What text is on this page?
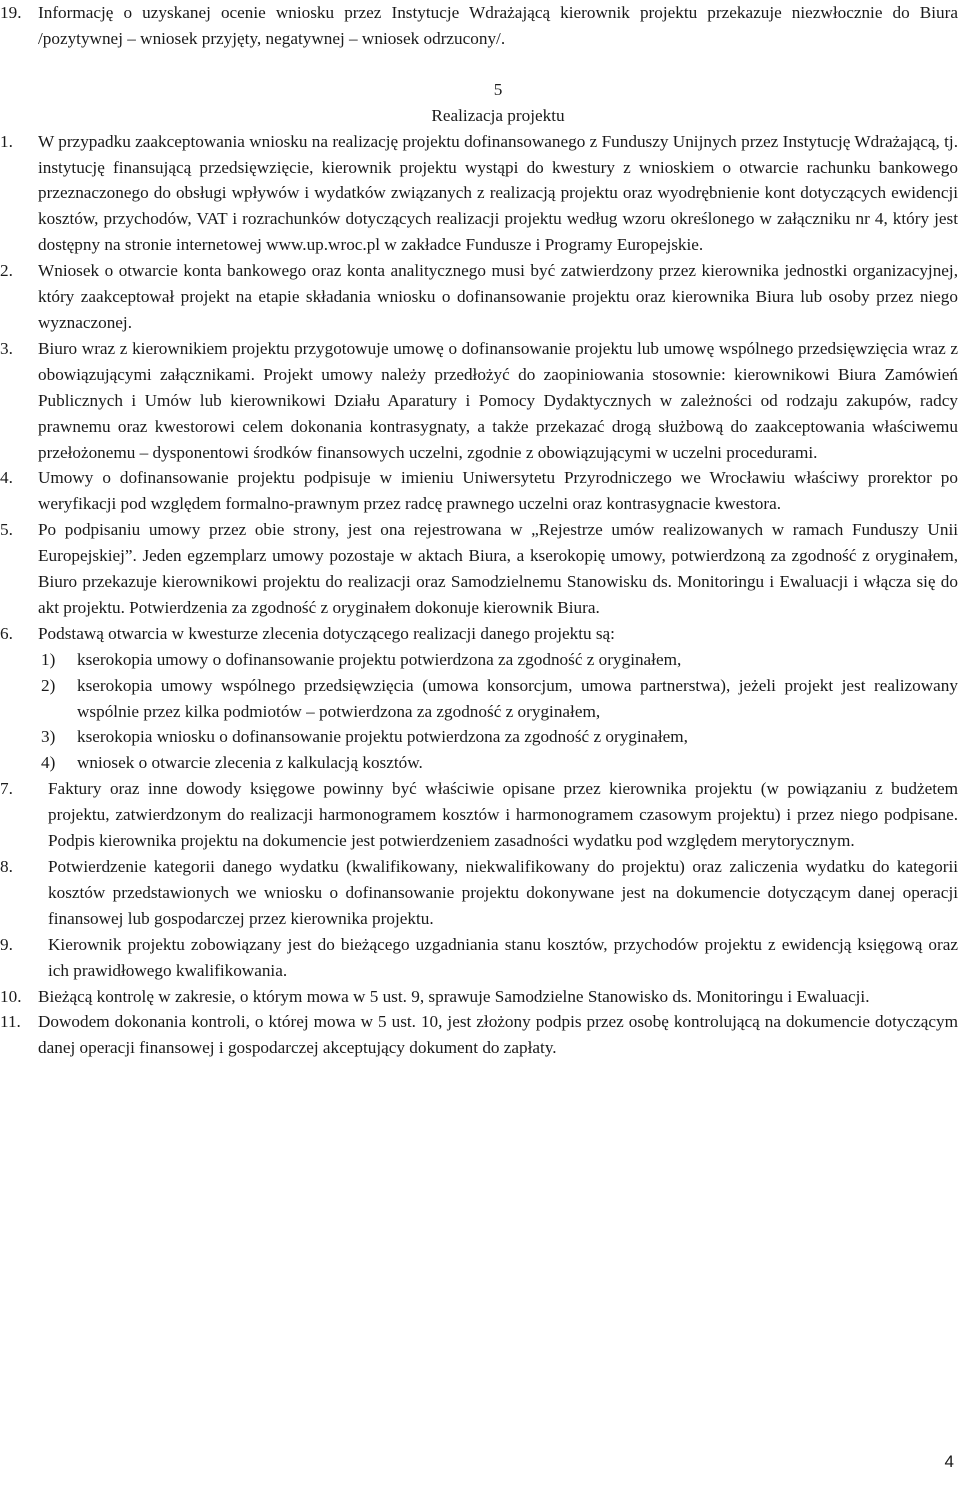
19. Informację o uzyskanej ocenie wniosku przez Instytucje Wdrażającą kierownik projektu przekazuje niezwłocznie do Biura /pozytywnej – wniosek przyjęty, negatywnej – wniosek odrzucony/.
5
Realizacja projektu
1.	W przypadku zaakceptowania wniosku na realizację projektu dofinansowanego z Funduszy Unijnych przez Instytucję Wdrażającą, tj. instytucję finansującą przedsięwzięcie, kierownik projektu wystąpi do kwestury z wnioskiem o otwarcie rachunku bankowego przeznaczonego do obsługi wpływów i wydatków związanych z realizacją projektu oraz wyodrębnienie kont dotyczących ewidencji kosztów, przychodów, VAT i rozrachunków dotyczących realizacji projektu według wzoru określonego w załączniku nr 4, który jest dostępny na stronie internetowej www.up.wroc.pl w zakładce Fundusze i Programy Europejskie.
2.	Wniosek o otwarcie konta bankowego oraz konta analitycznego musi być zatwierdzony przez kierownika jednostki organizacyjnej, który zaakceptował projekt na etapie składania wniosku o dofinansowanie projektu oraz kierownika Biura lub osoby przez niego wyznaczonej.
3.	Biuro wraz z kierownikiem projektu przygotowuje umowę o dofinansowanie projektu lub umowę wspólnego przedsięwzięcia wraz z obowiązującymi załącznikami. Projekt umowy należy przedłożyć do zaopiniowania stosownie: kierownikowi Biura Zamówień Publicznych i Umów lub kierownikowi Działu Aparatury i Pomocy Dydaktycznych w zależności od rodzaju zakupów, radcy prawnemu oraz kwestorowi celem dokonania kontrasygnaty, a także przekazać drogą służbową do zaakceptowania właściwemu przełożonemu – dysponentowi środków finansowych uczelni, zgodnie z obowiązującymi w uczelni procedurami.
4.	Umowy o dofinansowanie projektu podpisuje w imieniu Uniwersytetu Przyrodniczego we Wrocławiu właściwy prorektor po weryfikacji pod względem formalno-prawnym przez radcę prawnego uczelni oraz kontrasygnacie kwestora.
5.	Po podpisaniu umowy przez obie strony, jest ona rejestrowana w „Rejestrze umów realizowanych w ramach Funduszy Unii Europejskiej”. Jeden egzemplarz umowy pozostaje w aktach Biura, a kserokopię umowy, potwierdzoną za zgodność z oryginałem, Biuro przekazuje kierownikowi projektu do realizacji oraz Samodzielnemu Stanowisku ds. Monitoringu i Ewaluacji i włącza się do akt projektu. Potwierdzenia za zgodność z oryginałem dokonuje kierownik Biura.
6.	Podstawą otwarcia w kwesturze zlecenia dotyczącego realizacji danego projektu są:
1)	kserokopia umowy o dofinansowanie projektu potwierdzona za zgodność z oryginałem,
2)	kserokopia umowy wspólnego przedsięwzięcia (umowa konsorcjum, umowa partnerstwa), jeżeli projekt jest realizowany wspólnie przez kilka podmiotów – potwierdzona za zgodność z oryginałem,
3)	kserokopia wniosku o dofinansowanie projektu potwierdzona za zgodność z oryginałem,
4)	wniosek o otwarcie zlecenia z kalkulacją kosztów.
7.	Faktury oraz inne dowody księgowe powinny być właściwie opisane przez kierownika projektu (w powiązaniu z budżetem projektu, zatwierdzonym do realizacji harmonogramem kosztów i harmonogramem czasowym projektu) i przez niego podpisane. Podpis kierownika projektu na dokumencie jest potwierdzeniem zasadności wydatku pod względem merytorycznym.
8.	Potwierdzenie kategorii danego wydatku (kwalifikowany, niekwalifikowany do projektu) oraz zaliczenia wydatku do kategorii kosztów przedstawionych we wniosku o dofinansowanie projektu dokonywane jest na dokumencie dotyczącym danej operacji finansowej lub gospodarczej przez kierownika projektu.
9.	Kierownik projektu zobowiązany jest do bieżącego uzgadniania stanu kosztów, przychodów projektu z ewidencją księgową oraz ich prawidłowego kwalifikowania.
10. Bieżącą kontrolę w zakresie, o którym mowa w 5 ust. 9, sprawuje Samodzielne Stanowisko ds. Monitoringu i Ewaluacji.
11. Dowodem dokonania kontroli, o której mowa w 5 ust. 10, jest złożony podpis przez osobę kontrolującą na dokumencie dotyczącym danej operacji finansowej i gospodarczej akceptujący dokument do zapłaty.
4
